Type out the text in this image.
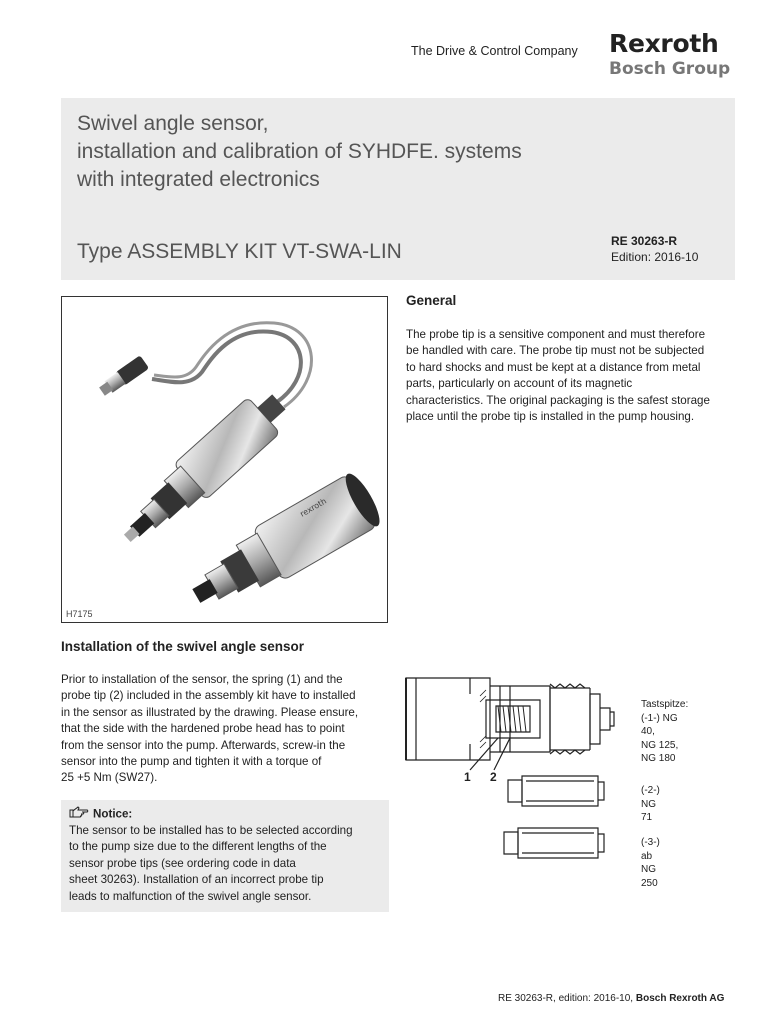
The Drive & Control Company Rexroth
Bosch Group
Swivel angle sensor,
installation and calibration of SYHDFE. systems
with integrated electronics
Type ASSEMBLY KIT VT-SWA-LIN	RE 30263-R
Edition: 2016-10
rexroth
H7175
General
The probe tip is a sensitive component and must therefore
be handled with care. The probe tip must not be subjected
to hard shocks and must be kept at a distance from metal
parts, particularly on account of its magnetic
characteristics. The original packaging is the safest storage
place until the probe tip is installed in the pump housing.
Installation of the swivel angle sensor
Prior to installation of the sensor, the spring (1) and the
probe tip (2) included in the assembly kit have to installed
in the sensor as illustrated by the drawing. Please ensure,
that the side with the hardened probe head has to point
from the sensor into the pump. Afterwards, screw-in the
sensor into the pump and tighten it with a torque of
25 +5 Nm (SW27).
Notice:
The sensor to be installed has to be selected according
to the pump size due to the different lengths of the
sensor probe tips (see ordering code in data
sheet 30263). Installation of an incorrect probe tip
leads to malfunction of the swivel angle sensor.
1 2
Tastspitze:
(-1-) NG 40,
NG 125, NG 180
(-2-) NG 71
(-3-) ab NG 250
RE 30263-R, edition: 2016-10, Bosch Rexroth AG
